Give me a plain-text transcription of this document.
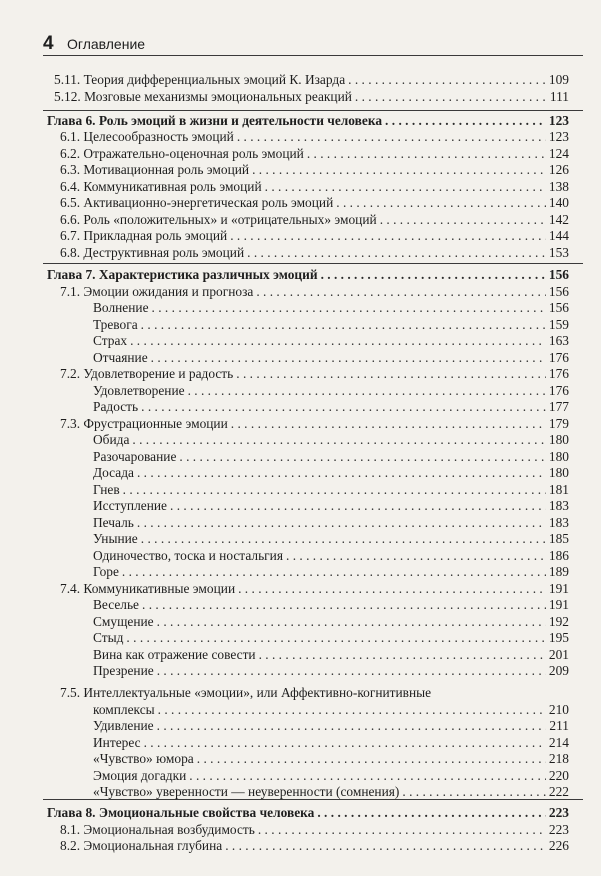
4 Оглавление
5.11. Теория дифференциальных эмоций К. Изарда . . .	109
5.12. Мозговые механизмы эмоциональных реакций . . .	111
Глава 6. Роль эмоций в жизни и деятельности человека . . .	123
6.1. Целесообразность эмоций . . .	123
6.2. Отражательно-оценочная роль эмоций . . .	124
6.3. Мотивационная роль эмоций . . .	126
6.4. Коммуникативная роль эмоций . . .	138
6.5. Активационно-энергетическая роль эмоций . . .	140
6.6. Роль «положительных» и «отрицательных» эмоций . . .	142
6.7. Прикладная роль эмоций . . .	144
6.8. Деструктивная роль эмоций . . .	153
Глава 7. Характеристика различных эмоций . . .	156
7.1. Эмоции ожидания и прогноза . . .	156
Волнение . . .	156
Тревога . . .	159
Страх . . .	163
Отчаяние . . .	176
7.2. Удовлетворение и радость . . .	176
Удовлетворение . . .	176
Радость . . .	177
7.3. Фрустрационные эмоции . . .	179
Обида . . .	180
Разочарование . . .	180
Досада . . .	180
Гнев . . .	181
Исступление . . .	183
Печаль . . .	183
Уныние . . .	185
Одиночество, тоска и ностальгия . . .	186
Горе . . .	189
7.4. Коммуникативные эмоции . . .	191
Веселье . . .	191
Смущение . . .	192
Стыд . . .	195
Вина как отражение совести . . .	201
Презрение . . .	209
7.5. Интеллектуальные «эмоции», или Аффективно-когнитивные
комплексы . . .	210
Удивление . . .	211
Интерес . . .	214
«Чувство» юмора . . .	218
Эмоция догадки . . .	220
«Чувство» уверенности — неуверенности (сомнения) . . .	222
Глава 8. Эмоциональные свойства человека . . .	223
8.1. Эмоциональная возбудимость . . .	223
8.2. Эмоциональная глубина . . .	226
